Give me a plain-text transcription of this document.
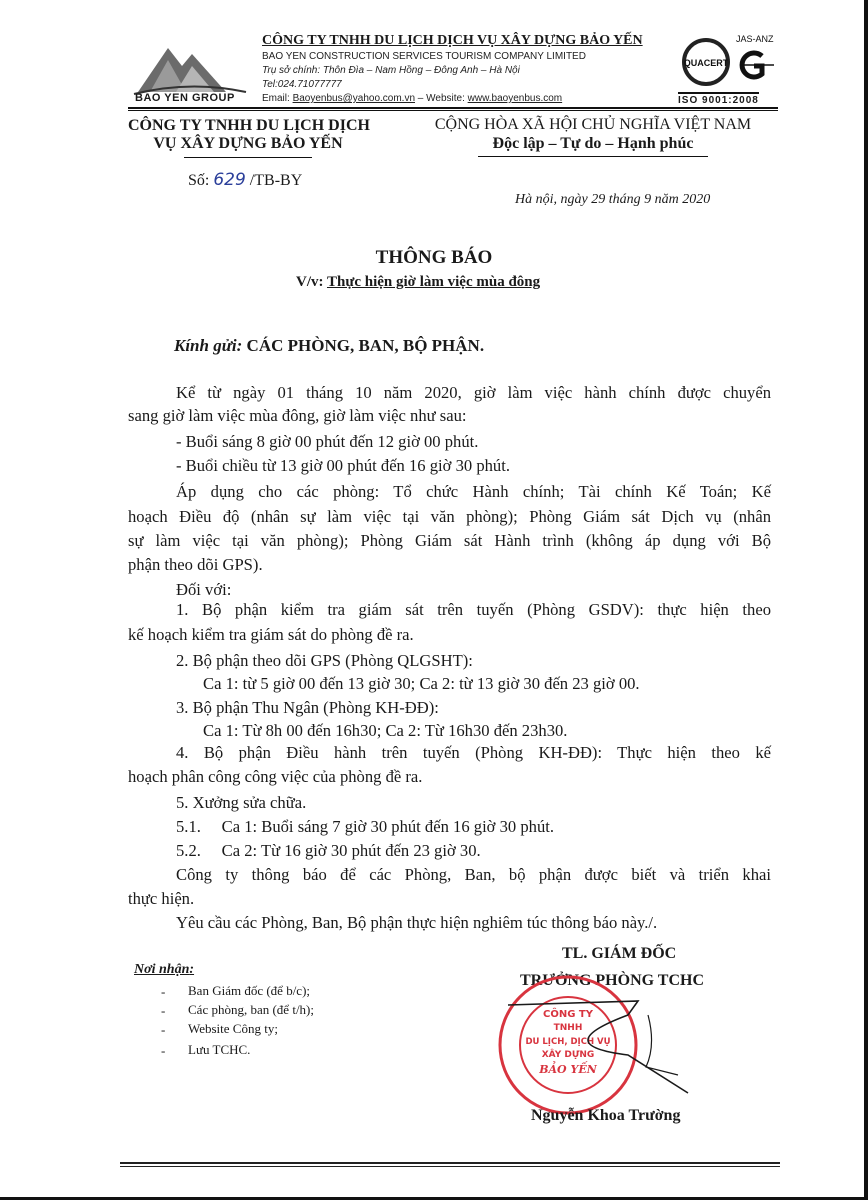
BAO YEN GROUP
CÔNG TY TNHH DU LỊCH DỊCH VỤ XÂY DỰNG BẢO YẾN
BAO YEN CONSTRUCTION SERVICES TOURISM COMPANY LIMITED
Trụ sở chính: Thôn Đìa – Nam Hồng – Đông Anh – Hà Nội
Tel:024.71077777
Email: Baoyenbus@yahoo.com.vn – Website: www.baoyenbus.com
QUACERT
JAS-ANZ
ISO 9001:2008
CÔNG TY TNHH DU LỊCH DỊCH
VỤ XÂY DỰNG BẢO YẾN
CỘNG HÒA XÃ HỘI CHỦ NGHĨA VIỆT NAM
Độc lập – Tự do – Hạnh phúc
Số: 629 /TB-BY
Hà nội, ngày 29 tháng 9 năm 2020
THÔNG BÁO
V/v: Thực hiện giờ làm việc mùa đông
Kính gửi: CÁC PHÒNG, BAN, BỘ PHẬN.
Kể từ ngày 01 tháng 10 năm 2020, giờ làm việc hành chính được chuyển
sang giờ làm việc mùa đông, giờ làm việc như sau:
- Buổi sáng 8 giờ 00 phút đến 12 giờ 00 phút.
- Buổi chiều từ 13 giờ 00 phút đến 16 giờ 30 phút.
Áp dụng cho các phòng: Tổ chức Hành chính; Tài chính Kế Toán; Kế
hoạch Điều độ (nhân sự làm việc tại văn phòng); Phòng Giám sát Dịch vụ (nhân
sự làm việc tại văn phòng); Phòng Giám sát Hành trình (không áp dụng với Bộ
phận theo dõi GPS).
Đối với:
1. Bộ phận kiểm tra giám sát trên tuyến (Phòng GSDV): thực hiện theo
kế hoạch kiểm tra giám sát do phòng đề ra.
2. Bộ phận theo dõi GPS (Phòng QLGSHT):
Ca 1: từ 5 giờ 00 đến 13 giờ 30; Ca 2: từ 13 giờ 30 đến 23 giờ 00.
3. Bộ phận Thu Ngân (Phòng KH-ĐĐ):
Ca 1: Từ 8h 00 đến 16h30; Ca 2: Từ 16h30 đến 23h30.
4. Bộ phận Điều hành trên tuyến (Phòng KH-ĐĐ): Thực hiện theo kế
hoạch phân công công việc của phòng đề ra.
5. Xưởng sửa chữa.
5.1.     Ca 1: Buổi sáng 7 giờ 30 phút đến 16 giờ 30 phút.
5.2.     Ca 2: Từ 16 giờ 30 phút đến 23 giờ 30.
Công ty thông báo để các Phòng, Ban, bộ phận được biết và triển khai
thực hiện.
Yêu cầu các Phòng, Ban, Bộ phận thực hiện nghiêm túc thông báo này./.
Nơi nhận:
- Ban Giám đốc (để b/c);
- Các phòng, ban (để t/h);
- Website Công ty;
- Lưu TCHC.
TL. GIÁM ĐỐC
TRƯỞNG PHÒNG TCHC
CÔNG TY
TNHH
DU LỊCH, DỊCH VỤ
XÂY DỰNG
BẢO YẾN
Nguyễn Khoa Trường
